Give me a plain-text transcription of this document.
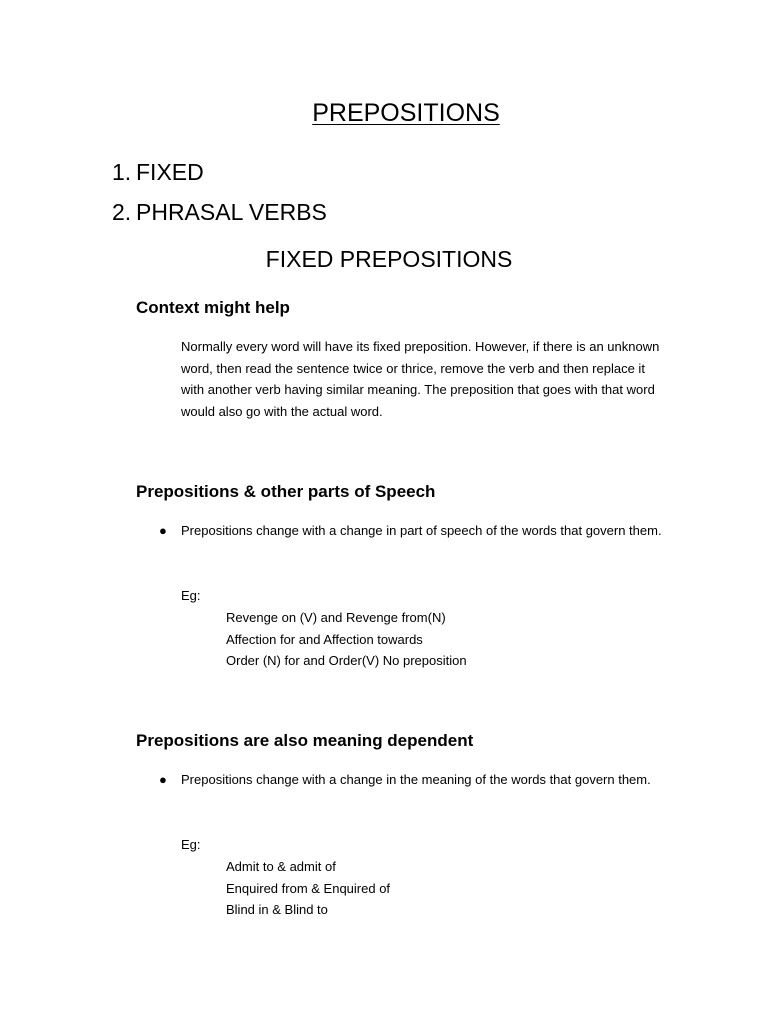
PREPOSITIONS
1. FIXED
2. PHRASAL VERBS
FIXED PREPOSITIONS
Context might help

Normally every word will have its fixed preposition. However, if there is an unknown word, then read the sentence twice or thrice, remove the verb and then replace it with another verb having similar meaning. The preposition that goes with that word would also go with the actual word.

Prepositions & other parts of Speech
● Prepositions change with a change in part of speech of the words that govern them.

Eg:

Revenge on (V) and Revenge from(N)
Affection for and Affection towards
Order (N) for and Order(V) No preposition
Prepositions are also meaning dependent
● Prepositions change with a change in the meaning of the words that govern them.

Eg:

Admit to & admit of
Enquired from & Enquired of
Blind in & Blind to
